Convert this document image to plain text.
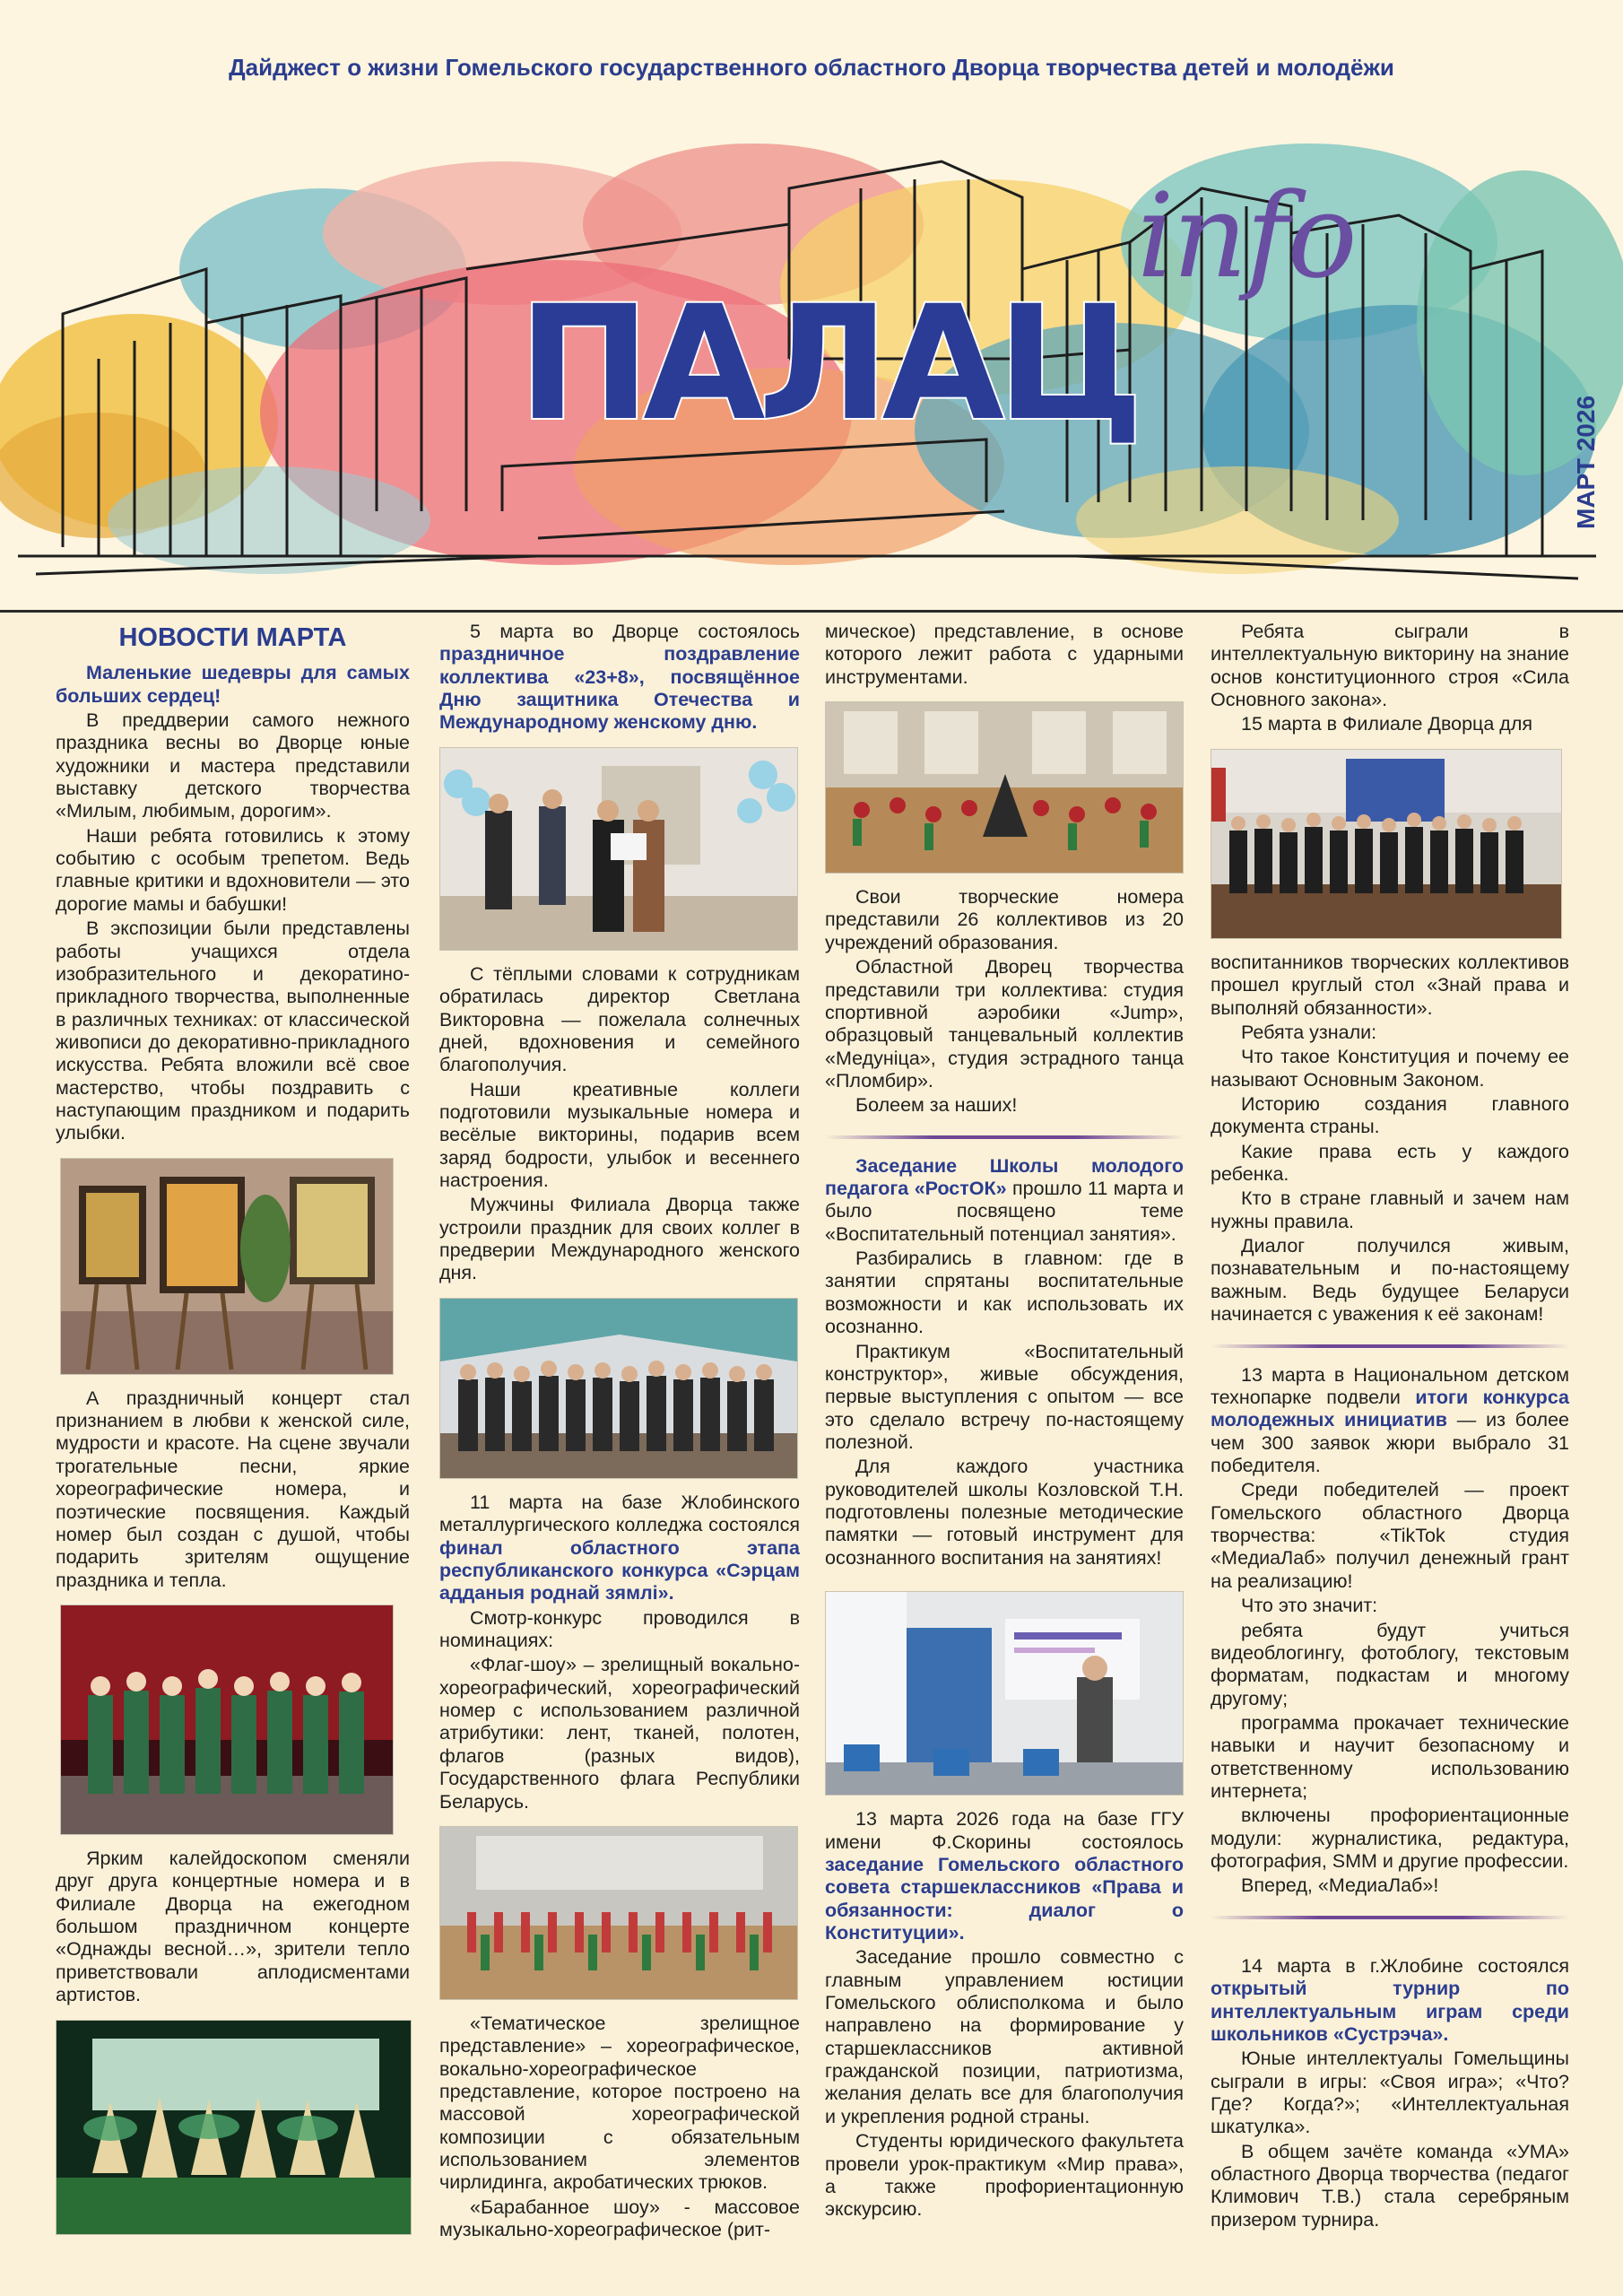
Дайджест о жизни Гомельского государственного областного Дворца творчества детей и молодёжи
info
ПАЛАЦ
МАРТ 2026
НОВОСТИ МАРТА

Маленькие шедевры для самых больших сердец!

В преддверии самого нежного праздника весны во Дворце юные художники и мастера представили выставку детского творчества «Милым, любимым, дорогим».

Наши ребята готовились к этому событию с особым трепетом. Ведь главные критики и вдохновители — это дорогие мамы и бабушки!

В экспозиции были представлены работы учащихся отдела изобразительного и декоратино-прикладного творчества, выполненные в различных техниках: от классической живописи до декоративно-прикладного искусства. Ребята вложили всё свое мастерство, чтобы поздравить с наступающим праздником и подарить улыбки.

А праздничный концерт стал признанием в любви к женской силе, мудрости и красоте. На сцене звучали трогательные песни, яркие хореографические номера, и поэтические посвящения. Каждый номер был создан с душой, чтобы подарить зрителям ощущение праздника и тепла.

Ярким калейдоскопом сменяли друг друга концертные номера и в Филиале Дворца на ежегодном большом праздничном концерте «Однажды весной…», зрители тепло приветствовали аплодисментами артистов.

5 марта во Дворце состоялось праздничное поздравление коллектива «23+8», посвящённое Дню защитника Отечества и Международному женскому дню.

С тёплыми словами к сотрудникам обратилась директор Светлана Викторовна — пожелала солнечных дней, вдохновения и семейного благополучия.

Наши креативные коллеги подготовили музыкальные номера и весёлые викторины, подарив всем заряд бодрости, улыбок и весеннего настроения.

Мужчины Филиала Дворца также устроили праздник для своих коллег в предверии Международного женского дня.

11 марта на базе Жлобинского металлургического колледжа состоялся финал областного этапа республиканского конкурса «Сэрцам адданыя роднай зямлі».

Смотр-конкурс проводился в номинациях:

«Флаг-шоу» – зрелищный вокально-хореографический, хореографический номер с использованием различной атрибутики: лент, тканей, полотен, флагов (разных видов), Государственного флага Республики Беларусь.

«Тематическое зрелищное представление» – хореографическое, вокально-хореографическое представление, которое построено на массовой хореографической композиции с обязательным использованием элементов чирлидинга, акробатических трюков.

«Барабанное шоу» - массовое музыкально-хореографическое (рит-

мическое) представление, в основе которого лежит работа с ударными инструментами.

Свои творческие номера представили 26 коллективов из 20 учреждений образования.

Областной Дворец творчества представили три коллектива: студия спортивной аэробики «Jump», образцовый танцевальный коллектив «Медуніца», студия эстрадного танца «Пломбир».

Болеем за наших!

Заседание Школы молодого педагога «РостОК» прошло 11 марта и было посвящено теме «Воспитательный потенциал занятия».

Разбирались в главном: где в занятии спрятаны воспитательные возможности и как использовать их осознанно.

Практикум «Воспитательный конструктор», живые обсуждения, первые выступления с опытом — все это сделало встречу по-настоящему полезной.

Для каждого участника руководителей школы Козловской Т.Н. подготовлены полезные методические памятки — готовый инструмент для осознанного воспитания на занятиях!

13 марта 2026 года на базе ГГУ имени Ф.Скорины состоялось заседание Гомельского областного совета старшеклассников «Права и обязанности: диалог о Конституции».

Заседание прошло совместно с главным управлением юстиции Гомельского облисполкома и было направлено на формирование у старшеклассников активной гражданской позиции, патриотизма, желания делать все для благополучия и укрепления родной страны.

Студенты юридического факультета провели урок-практикум «Мир права», а также профориентационную экскурсию.

Ребята сыграли в интеллектуальную викторину на знание основ конституционного строя «Сила Основного закона».

15 марта в Филиале Дворца для

воспитанников творческих коллективов прошел круглый стол «Знай права и выполняй обязанности».

Ребята узнали:

Что такое Конституция и почему ее называют Основным Законом.

Историю создания главного документа страны.

Какие права есть у каждого ребенка.

Кто в стране главный и зачем нам нужны правила.

Диалог получился живым, познавательным и по-настоящему важным. Ведь будущее Беларуси начинается с уважения к её законам!

13 марта в Национальном детском технопарке подвели итоги конкурса молодежных инициатив — из более чем 300 заявок жюри выбрало 31 победителя.

Среди победителей — проект Гомельского областного Дворца творчества: «TikTok студия «МедиаЛаб» получил денежный грант на реализацию!

Что это значит:

ребята будут учиться видеоблогингу, фотоблогу, текстовым форматам, подкастам и многому другому;

программа прокачает технические навыки и научит безопасному и ответственному использованию интернета;

включены профориентационные модули: журналистика, редактура, фотография, SMM и другие профессии.

Вперед, «МедиаЛаб»!

14 марта в г.Жлобине состоялся открытый турнир по интеллектуальным играм среди школьников «Сустрэча».

Юные интеллектуалы Гомельщины сыграли в игры: «Своя игра»; «Что? Где? Когда?»; «Интеллектуальная шкатулка».

В общем зачёте команда «УМА» областного Дворца творчества (педагог Климович Т.В.) стала серебряным призером турнира.
